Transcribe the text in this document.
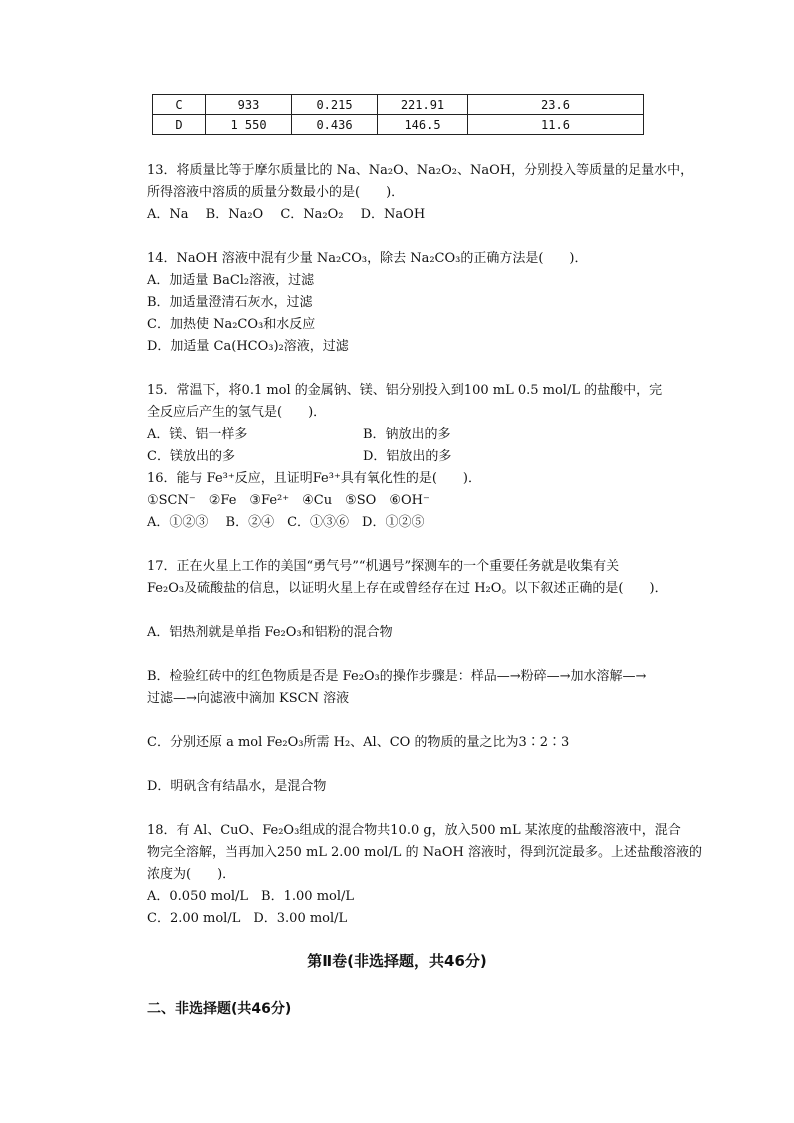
C	933	0.215	221.91	23.6
D	1 550	0.436	146.5	11.6
13．将质量比等于摩尔质量比的 Na、Na₂O、Na₂O₂、NaOH，分别投入等质量的足量水中，
所得溶液中溶质的质量分数最小的是(　　)．
A．Na　 B．Na₂O　 C．Na₂O₂　 D．NaOH
14．NaOH 溶液中混有少量 Na₂CO₃，除去 Na₂CO₃的正确方法是(　　)．
A．加适量 BaCl₂溶液，过滤
B．加适量澄清石灰水，过滤
C．加热使 Na₂CO₃和水反应
D．加适量 Ca(HCO₃)₂溶液，过滤
15．常温下，将0.1 mol 的金属钠、镁、铝分别投入到100 mL 0.5 mol/L 的盐酸中，完
全反应后产生的氢气是(　　)．
A．镁、铝一样多	B．钠放出的多
C．镁放出的多	D．铝放出的多
16．能与 Fe³⁺反应，且证明Fe³⁺具有氧化性的是(　　)．
①SCN⁻　②Fe　③Fe²⁺　④Cu　⑤SO　⑥OH⁻
A．①②③　 B．②④　C．①③⑥　D．①②⑤
17．正在火星上工作的美国“勇气号”“机遇号”探测车的一个重要任务就是收集有关
Fe₂O₃及硫酸盐的信息，以证明火星上存在或曾经存在过 H₂O。以下叙述正确的是(　　)．
A．铝热剂就是单指 Fe₂O₃和铝粉的混合物
B．检验红砖中的红色物质是否是 Fe₂O₃的操作步骤是：样品—→粉碎—→加水溶解—→
过滤—→向滤液中滴加 KSCN 溶液
C．分别还原 a mol Fe₂O₃所需 H₂、Al、CO 的物质的量之比为3∶2∶3
D．明矾含有结晶水，是混合物
18．有 Al、CuO、Fe₂O₃组成的混合物共10.0 g，放入500 mL 某浓度的盐酸溶液中，混合
物完全溶解，当再加入250 mL 2.00 mol/L 的 NaOH 溶液时，得到沉淀最多。上述盐酸溶液的
浓度为(　　)．
A．0.050 mol/L　B．1.00 mol/L
C．2.00 mol/L　D．3.00 mol/L
第Ⅱ卷(非选择题，共46分)
二、非选择题(共46分)
